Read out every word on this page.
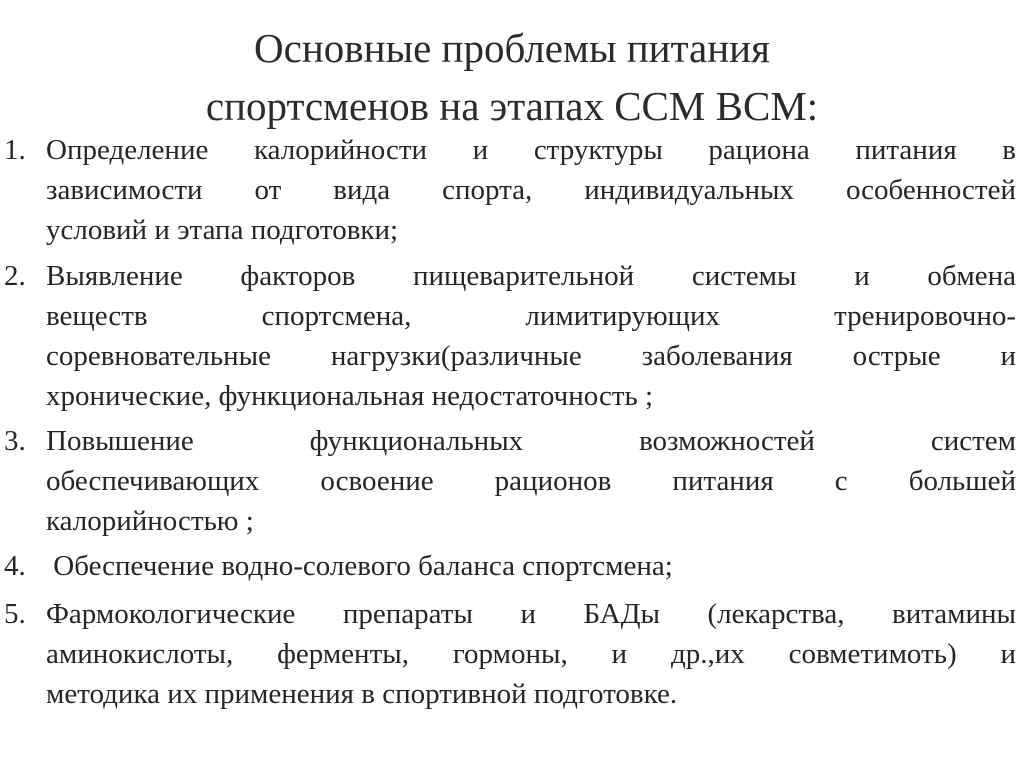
Основные проблемы питания
спортсменов на этапах ССМ ВСМ:
1. Определение калорийности и структуры рациона питания в
зависимости от вида спорта, индивидуальных особенностей
условий и этапа подготовки;
2. Выявление факторов пищеварительной системы и обмена
веществ спортсмена, лимитирующих тренировочно-
соревновательные нагрузки(различные заболевания острые и
хронические, функциональная недостаточность ;
3. Повышение функциональных возможностей систем
обеспечивающих освоение рационов питания с большей
калорийностью ;
4. Обеспечение водно-солевого баланса спортсмена;
5. Фармокологические препараты и БАДы (лекарства, витамины
аминокислоты, ферменты, гормоны, и др.,их совметимоть) и
методика их применения в спортивной подготовке.
